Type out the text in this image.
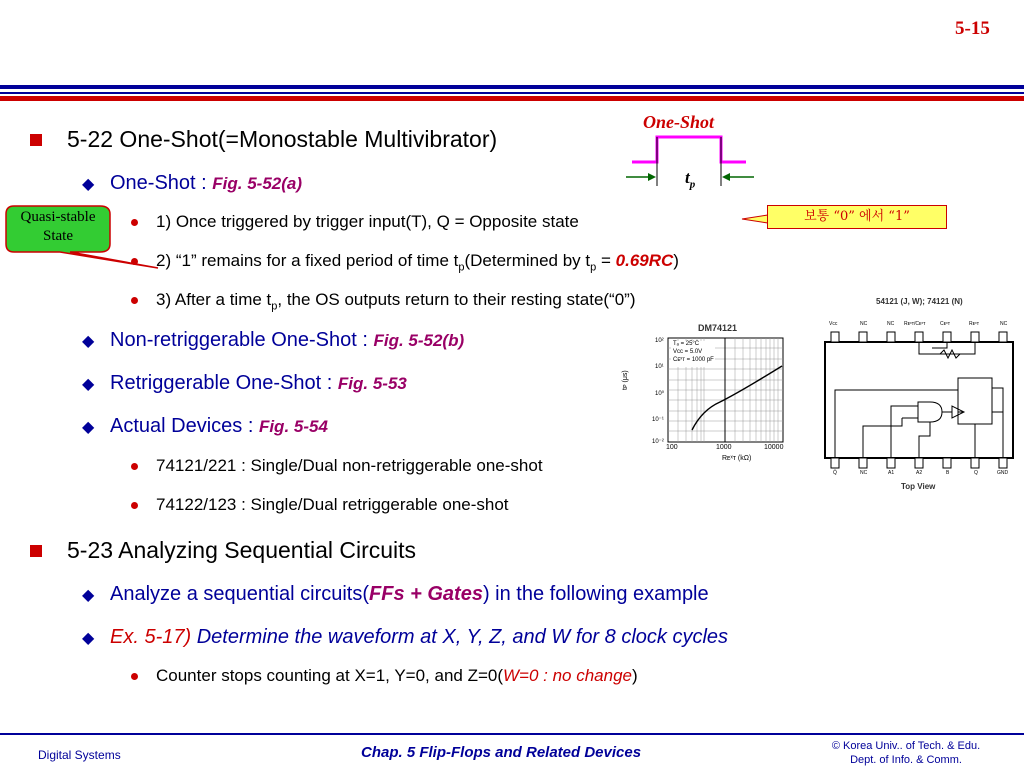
5-15
5-22 One-Shot(=Monostable Multivibrator)
◆ One-Shot : Fig. 5-52(a)
1) Once triggered by trigger input(T), Q = Opposite state
2) “1” remains for a fixed period of time $t_p(Determined$ by $t_p = 0.69RC$)
3) After a time $t_p$, the OS outputs return to their resting state(“0”)
◆ Non-retriggerable One-Shot : Fig. 5-52(b)
◆ Retriggerable One-Shot : Fig. 5-53
◆ Actual Devices : Fig. 5-54
74121/221 : Single/Dual non-retriggerable one-shot
74122/123 : Single/Dual retriggerable one-shot
5-23 Analyzing Sequential Circuits
◆ Analyze a sequential circuits(FFs + Gates) in the following example
◆ Ex. 5-17) Determine the waveform at X, Y, Z, and W for 8 clock cycles
Counter stops counting at X=1, Y=0, and Z=0(W=0 : no change)
Quasi-stable
State
One-Shot
$t_p$
보통 “0” 에서 “1”
DM74121
Tₐ = 25°C
Vᴄᴄ = 5.0V
Cᴇˣᴛ = 1000 pF
10²
10¹
10⁰
10⁻¹
10⁻²
tᴘ (μs)
100	1000	10000
Rᴇˣᴛ (kΩ)
54121 (J, W); 74121 (N)
Vᴄᴄ	NC	NC Rᴇˣᴛ/Cᴇˣᴛ	Cᴇˣᴛ	Rᴇˣᴛ	NC
Q̄	NC	A1	A2	B	Q	GND
Top View
Digital Systems	Chap. 5 Flip-Flops and Related Devices	© Korea Univ.. of Tech. & Edu.
Dept. of Info. & Comm.
